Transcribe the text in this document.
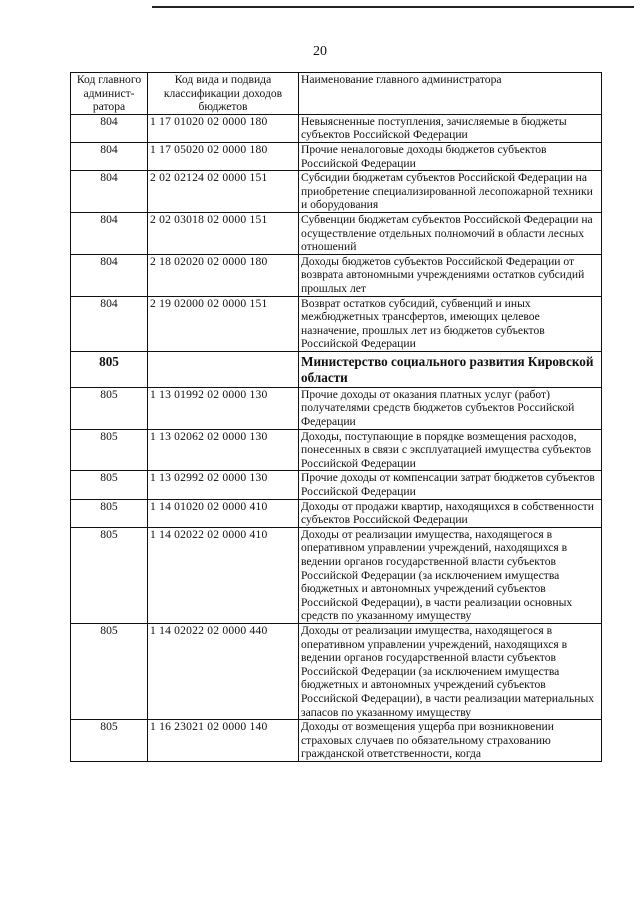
20
Код главного админист-ратора	Код вида и подвида классификации доходов бюджетов	Наименование главного администратора
804	1 17 01020 02 0000 180	Невыясненные поступления, зачисляемые в бюджеты субъектов Российской Федерации
804	1 17 05020 02 0000 180	Прочие неналоговые доходы бюджетов субъектов Российской Федерации
804	2 02 02124 02 0000 151	Субсидии бюджетам субъектов Российской Федерации на приобретение специализированной лесопожарной техники и оборудования
804	2 02 03018 02 0000 151	Субвенции бюджетам субъектов Российской Федерации на осуществление отдельных полномочий в области лесных отношений
804	2 18 02020 02 0000 180	Доходы бюджетов субъектов Российской Федерации от возврата автономными учреждениями остатков субсидий прошлых лет
804	2 19 02000 02 0000 151	Возврат остатков субсидий, субвенций и иных межбюджетных трансфертов, имеющих целевое назначение, прошлых лет из бюджетов субъектов Российской Федерации
805		Министерство социального развития Кировской области
805	1 13 01992 02 0000 130	Прочие доходы от оказания платных услуг (работ) получателями средств бюджетов субъектов Российской Федерации
805	1 13 02062 02 0000 130	Доходы, поступающие в порядке возмещения расходов, понесенных в связи с эксплуатацией имущества субъектов Российской Федерации
805	1 13 02992 02 0000 130	Прочие доходы от компенсации затрат бюджетов субъектов Российской Федерации
805	1 14 01020 02 0000 410	Доходы от продажи квартир, находящихся в собственности субъектов Российской Федерации
805	1 14 02022 02 0000 410	Доходы от реализации имущества, находящегося в оперативном управлении учреждений, находящихся в ведении органов государственной власти субъектов Российской Федерации (за исключением имущества бюджетных и автономных учреждений субъектов Российской Федерации), в части реализации основных средств по указанному имуществу
805	1 14 02022 02 0000 440	Доходы от реализации имущества, находящегося в оперативном управлении учреждений, находящихся в ведении органов государственной власти субъектов Российской Федерации (за исключением имущества бюджетных и автономных учреждений субъектов Российской Федерации), в части реализации материальных запасов по указанному имуществу
805	1 16 23021 02 0000 140	Доходы от возмещения ущерба при возникновении страховых случаев по обязательному страхованию гражданской ответственности, когда
